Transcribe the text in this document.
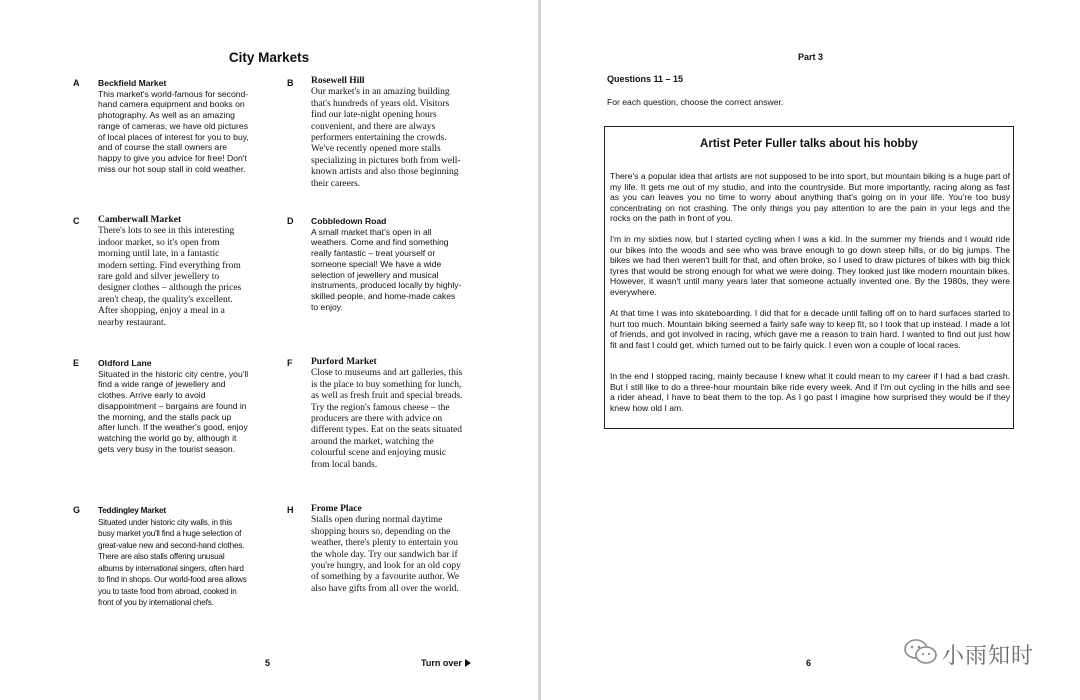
City Markets
A Beckfield Market
This market's world-famous for second-hand camera equipment and books on photography. As well as an amazing range of cameras, we have old pictures of local places of interest for you to buy, and of course the stall owners are happy to give you advice for free! Don't miss our hot soup stall in cold weather.
B Rosewell Hill
Our market's in an amazing building that's hundreds of years old. Visitors find our late-night opening hours convenient, and there are always performers entertaining the crowds. We've recently opened more stalls specializing in pictures both from well-known artists and also those beginning their careers.
C Camberwall Market
There's lots to see in this interesting indoor market, so it's open from morning until late, in a fantastic modern setting. Find everything from rare gold and silver jewellery to designer clothes – although the prices aren't cheap, the quality's excellent. After shopping, enjoy a meal in a nearby restaurant.
D Cobbledown Road
A small market that's open in all weathers. Come and find something really fantastic – treat yourself or someone special! We have a wide selection of jewellery and musical instruments, produced locally by highly-skilled people, and home-made cakes to enjoy.
E Oldford Lane
Situated in the historic city centre, you'll find a wide range of jewellery and clothes. Arrive early to avoid disappointment – bargains are found in the morning, and the stalls pack up after lunch. If the weather's good, enjoy watching the world go by, although it gets very busy in the tourist season.
F Purford Market
Close to museums and art galleries, this is the place to buy something for lunch, as well as fresh fruit and special breads. Try the region's famous cheese – the producers are there with advice on different types. Eat on the seats situated around the market, watching the colourful scene and enjoying music from local bands.
G Teddingley Market
Situated under historic city walls, in this busy market you'll find a huge selection of great-value new and second-hand clothes. There are also stalls offering unusual albums by international singers, often hard to find in shops. Our world-food area allows you to taste food from abroad, cooked in front of you by international chefs.
H Frome Place
Stalls open during normal daytime shopping hours so, depending on the weather, there's plenty to entertain you the whole day. Try our sandwich bar if you're hungry, and look for an old copy of something by a favourite author. We also have gifts from all over the world.
5	Turn over
Part 3
Questions 11 – 15
For each question, choose the correct answer.
Artist Peter Fuller talks about his hobby
There's a popular idea that artists are not supposed to be into sport, but mountain biking is a huge part of my life. It gets me out of my studio, and into the countryside. But more importantly, racing along as fast as you can leaves you no time to worry about anything that's going on in your life. You're too busy concentrating on not crashing. The only things you pay attention to are the pain in your legs and the rocks on the path in front of you.
I'm in my sixties now, but I started cycling when I was a kid. In the summer my friends and I would ride our bikes into the woods and see who was brave enough to go down steep hills, or do big jumps. The bikes we had then weren't built for that, and often broke, so I used to draw pictures of bikes with big thick tyres that would be strong enough for what we were doing. They looked just like modern mountain bikes. However, it wasn't until many years later that someone actually invented one. By the 1980s, they were everywhere.
At that time I was into skateboarding. I did that for a decade until falling off on to hard surfaces started to hurt too much. Mountain biking seemed a fairly safe way to keep fit, so I took that up instead. I made a lot of friends, and got involved in racing, which gave me a reason to train hard. I wanted to find out just how fit and fast I could get, which turned out to be fairly quick. I even won a couple of local races.
In the end I stopped racing, mainly because I knew what it could mean to my career if I had a bad crash. But I still like to do a three-hour mountain bike ride every week. And if I'm out cycling in the hills and see a rider ahead, I have to beat them to the top. As I go past I imagine how surprised they would be if they knew how old I am.
6	小雨知时
